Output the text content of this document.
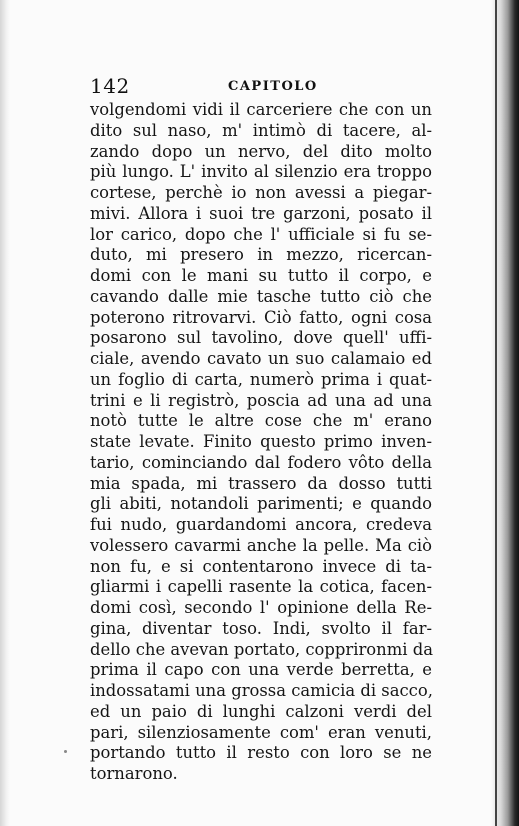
142	CAPITOLO
volgendomi vidi il carceriere che con un
dito sul naso, m' intimò di tacere, al-
zando dopo un nervo, del dito molto
più lungo. L' invito al silenzio era troppo
cortese, perchè io non avessi a piegar-
mivi. Allora i suoi tre garzoni, posato il
lor carico, dopo che l' ufficiale si fu se-
duto, mi presero in mezzo, ricercan-
domi con le mani su tutto il corpo, e
cavando dalle mie tasche tutto ciò che
poterono ritrovarvi. Ciò fatto, ogni cosa
posarono sul tavolino, dove quell' uffi-
ciale, avendo cavato un suo calamaio ed
un foglio di carta, numerò prima i quat-
trini e li registrò, poscia ad una ad una
notò tutte le altre cose che m' erano
state levate. Finito questo primo inven-
tario, cominciando dal fodero vôto della
mia spada, mi trassero da dosso tutti
gli abiti, notandoli parimenti; e quando
fui nudo, guardandomi ancora, credeva
volessero cavarmi anche la pelle. Ma ciò
non fu, e si contentarono invece di ta-
gliarmi i capelli rasente la cotica, facen-
domi così, secondo l' opinione della Re-
gina, diventar toso. Indi, svolto il far-
dello che avevan portato, copprironmi da
prima il capo con una verde berretta, e
indossatami una grossa camicia di sacco,
ed un paio di lunghi calzoni verdi del
pari, silenziosamente com' eran venuti,
portando tutto il resto con loro se ne
tornarono.
